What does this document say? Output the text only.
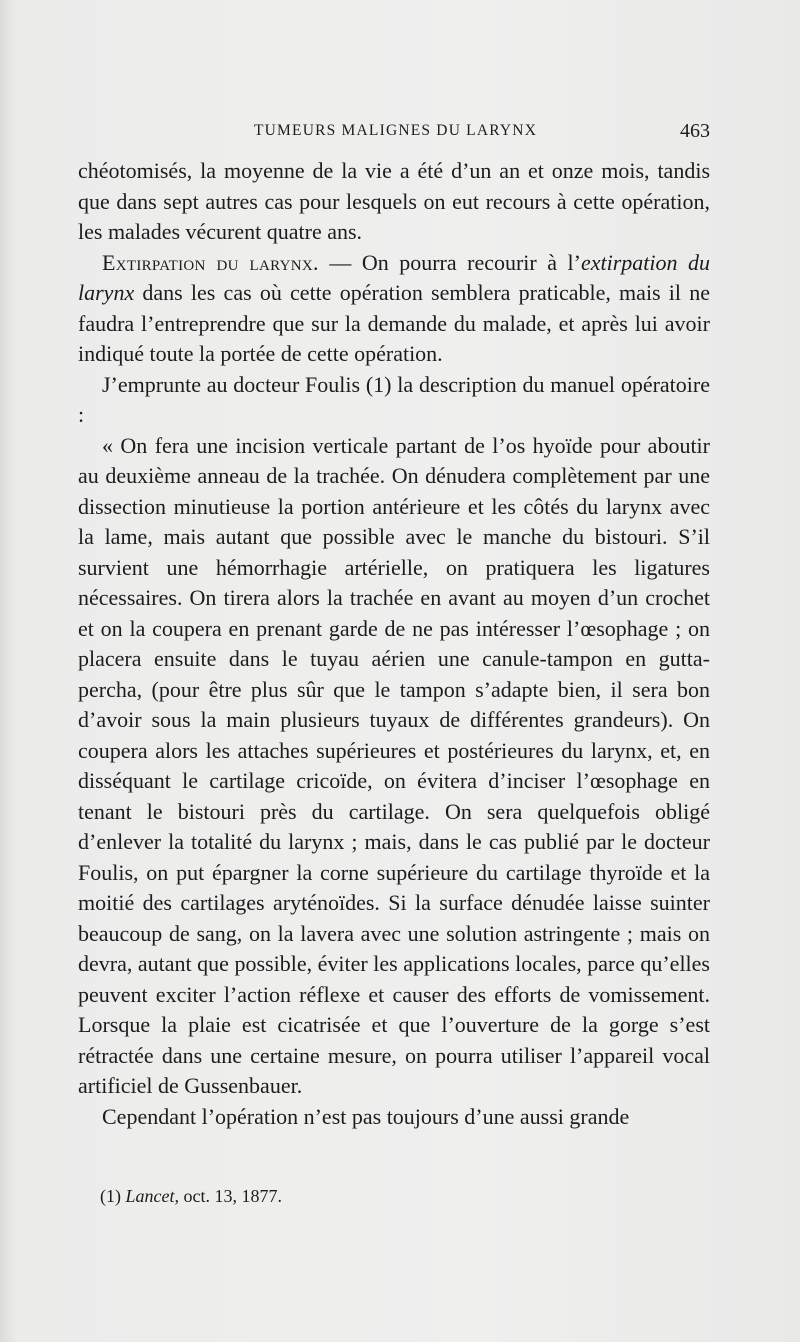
TUMEURS MALIGNES DU LARYNX	463

chéotomisés, la moyenne de la vie a été d’un an et onze mois, tandis que dans sept autres cas pour lesquels on eut recours à cette opération, les malades vécurent quatre ans.

Extirpation du larynx. — On pourra recourir à l’extirpation du larynx dans les cas où cette opération semblera praticable, mais il ne faudra l’entreprendre que sur la demande du malade, et après lui avoir indiqué toute la portée de cette opération.

J’emprunte au docteur Foulis (1) la description du manuel opératoire :

« On fera une incision verticale partant de l’os hyoïde pour aboutir au deuxième anneau de la trachée. On dénudera complètement par une dissection minutieuse la portion antérieure et les côtés du larynx avec la lame, mais autant que possible avec le manche du bistouri. S’il survient une hémorrhagie artérielle, on pratiquera les ligatures nécessaires. On tirera alors la trachée en avant au moyen d’un crochet et on la coupera en prenant garde de ne pas intéresser l’œsophage ; on placera ensuite dans le tuyau aérien une canule-tampon en gutta-percha, (pour être plus sûr que le tampon s’adapte bien, il sera bon d’avoir sous la main plusieurs tuyaux de différentes grandeurs). On coupera alors les attaches supérieures et postérieures du larynx, et, en disséquant le cartilage cricoïde, on évitera d’inciser l’œsophage en tenant le bistouri près du cartilage. On sera quelquefois obligé d’enlever la totalité du larynx ; mais, dans le cas publié par le docteur Foulis, on put épargner la corne supérieure du cartilage thyroïde et la moitié des cartilages aryténoïdes. Si la surface dénudée laisse suinter beaucoup de sang, on la lavera avec une solution astringente ; mais on devra, autant que possible, éviter les applications locales, parce qu’elles peuvent exciter l’action réflexe et causer des efforts de vomissement. Lorsque la plaie est cicatrisée et que l’ouverture de la gorge s’est rétractée dans une certaine mesure, on pourra utiliser l’appareil vocal artificiel de Gussenbauer.

Cependant l’opération n’est pas toujours d’une aussi grande

(1) Lancet, oct. 13, 1877.
